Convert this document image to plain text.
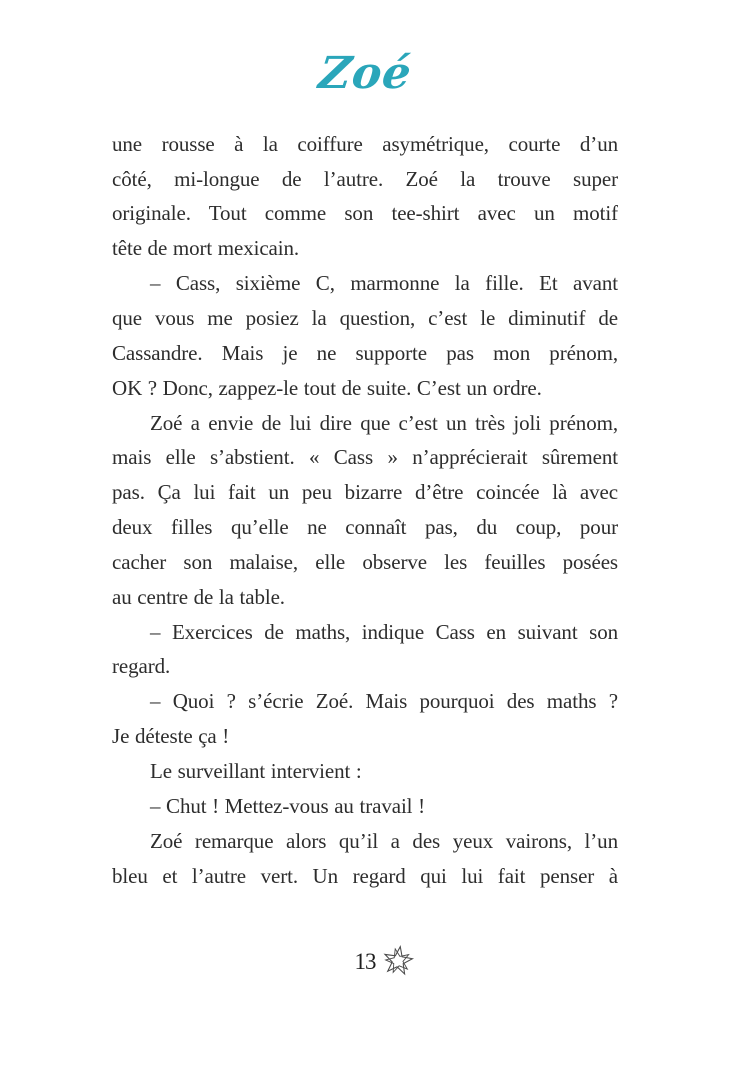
Zoé
une rousse à la coiffure asymétrique, courte d’un
côté, mi-longue de l’autre. Zoé la trouve super
originale. Tout comme son tee-shirt avec un motif
tête de mort mexicain.
– Cass, sixième C, marmonne la fille. Et avant
que vous me posiez la question, c’est le diminutif de
Cassandre. Mais je ne supporte pas mon prénom,
OK ? Donc, zappez-le tout de suite. C’est un ordre.
Zoé a envie de lui dire que c’est un très joli prénom,
mais elle s’abstient. « Cass » n’apprécierait sûrement
pas. Ça lui fait un peu bizarre d’être coincée là avec
deux filles qu’elle ne connaît pas, du coup, pour
cacher son malaise, elle observe les feuilles posées
au centre de la table.
– Exercices de maths, indique Cass en suivant son
regard.
– Quoi ? s’écrie Zoé. Mais pourquoi des maths ?
Je déteste ça !
Le surveillant intervient :
– Chut ! Mettez-vous au travail !
Zoé remarque alors qu’il a des yeux vairons, l’un
bleu et l’autre vert. Un regard qui lui fait penser à
13
